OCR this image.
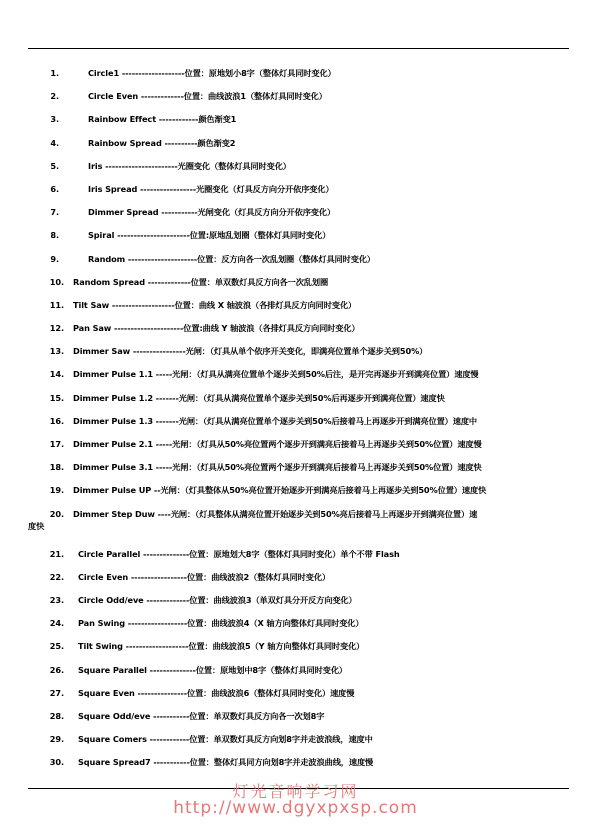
1.	Circle1 -------------------位置：原地划小8字（整体灯具同时变化）
2.	Circle Even -------------位置：曲线波浪1（整体灯具同时变化）
3.	Rainbow Effect ------------颜色渐变1
4.	Rainbow Spread ----------颜色渐变2
5.	Iris ----------------------光圈变化（整体灯具同时变化）
6.	Iris Spread -----------------光圈变化（灯具反方向分开依序变化）
7.	Dimmer Spread -----------光闸变化（灯具反方向分开依序变化）
8.	Spiral ----------------------位置:原地乱划圈（整体灯具同时变化）
9.	Random ---------------------位置：反方向各一次乱划圈（整体灯具同时变化）
10. Random Spread -------------位置：单双数灯具反方向各一次乱划圈
11. Tilt Saw -------------------位置：曲线 X 轴波浪（各排灯具反方向同时变化）
12. Pan Saw ---------------------位置:曲线 Y 轴波浪（各排灯具反方向同时变化）
13. Dimmer Saw ----------------光闸：（灯具从单个依序开关变化，即满亮位置单个逐步关到50%）
14. Dimmer Pulse 1.1 -----光闸：（灯具从满亮位置单个逐步关到50%后注，是开完再逐步开到满亮位置）速度慢
15. Dimmer Pulse 1.2 -------光闸：（灯具从满亮位置单个逐步关到50%后再逐步开到满亮位置）速度快
16. Dimmer Pulse 1.3 -------光闸：（灯具从满亮位置单个逐步关到50%后接着马上再逐步开到满亮位置）速度中
17. Dimmer Pulse 2.1 -----光闸：（灯具从50%亮位置两个逐步开到满亮后接着马上再逐步关到50%位置）速度慢
18. Dimmer Pulse 3.1 -----光闸：（灯具从50%亮位置两个逐步开到满亮后接着马上再逐步关到50%位置）速度快
19. Dimmer Pulse UP --光闸：（灯具整体从50%亮位置开始逐步开到满亮后接着马上再逐步关到50%位置）速度快
20. Dimmer Step Duw ----光闸：（灯具整体从满亮位置开始逐步关到50%亮后接着马上再逐步开到满亮位置）速
度快
21. Circle Parallel --------------位置：原地划大8字（整体灯具同时变化）单个不带 Flash
22. Circle Even -----------------位置：曲线波浪2（整体灯具同时变化）
23. Circle Odd/eve -------------位置：曲线波浪3（单双灯具分开反方向变化）
24. Pan Swing ------------------位置：曲线波浪4（X 轴方向整体灯具同时变化）
25. Tilt Swing -------------------位置：曲线波浪5（Y 轴方向整体灯具同时变化）
26. Square Parallel --------------位置：原地划中8字（整体灯具同时变化）
27. Square Even ---------------位置：曲线波浪6（整体灯具同时变化）速度慢
28. Square Odd/eve -----------位置：单双数灯具反方向各一次划8字
29. Square Comers ------------位置：单双数灯具反方向划8字并走波浪线，速度中
30. Square Spread7 -----------位置：整体灯具同方向划8字并走波浪曲线，速度慢
灯光音响学习网
http://www.dgyxpxsp.com
